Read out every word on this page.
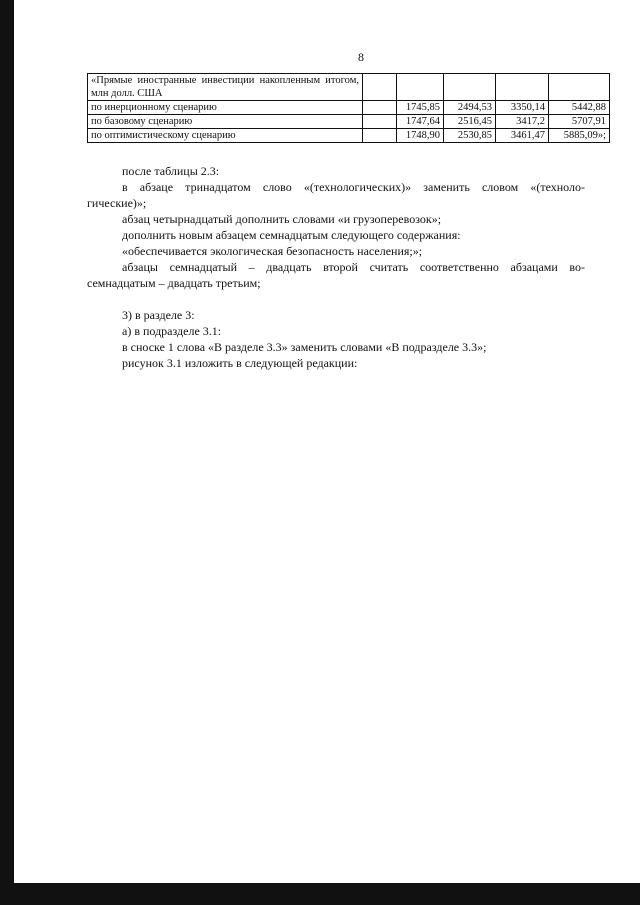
8
«Прямые иностранные инвестиции накопленным итогом, млн долл. США					
по инерционному сценарию		1745,85	2494,53	3350,14	5442,88
по базовому сценарию		1747,64	2516,45	3417,2	5707,91
по оптимистическому сценарию		1748,90	2530,85	3461,47	5885,09»;

после таблицы 2.3:

в абзаце тринадцатом слово «(технологических)» заменить словом «(техноло-

гические)»;

абзац четырнадцатый дополнить словами «и грузоперевозок»;

дополнить новым абзацем семнадцатым следующего содержания:

«обеспечивается экологическая безопасность населения;»;

абзацы семнадцатый – двадцать второй считать соответственно абзацами во-

семнадцатым – двадцать третьим;

3) в разделе 3:

а) в подразделе 3.1:

в сноске 1 слова «В разделе 3.3» заменить словами «В подразделе 3.3»;

рисунок 3.1 изложить в следующей редакции:
